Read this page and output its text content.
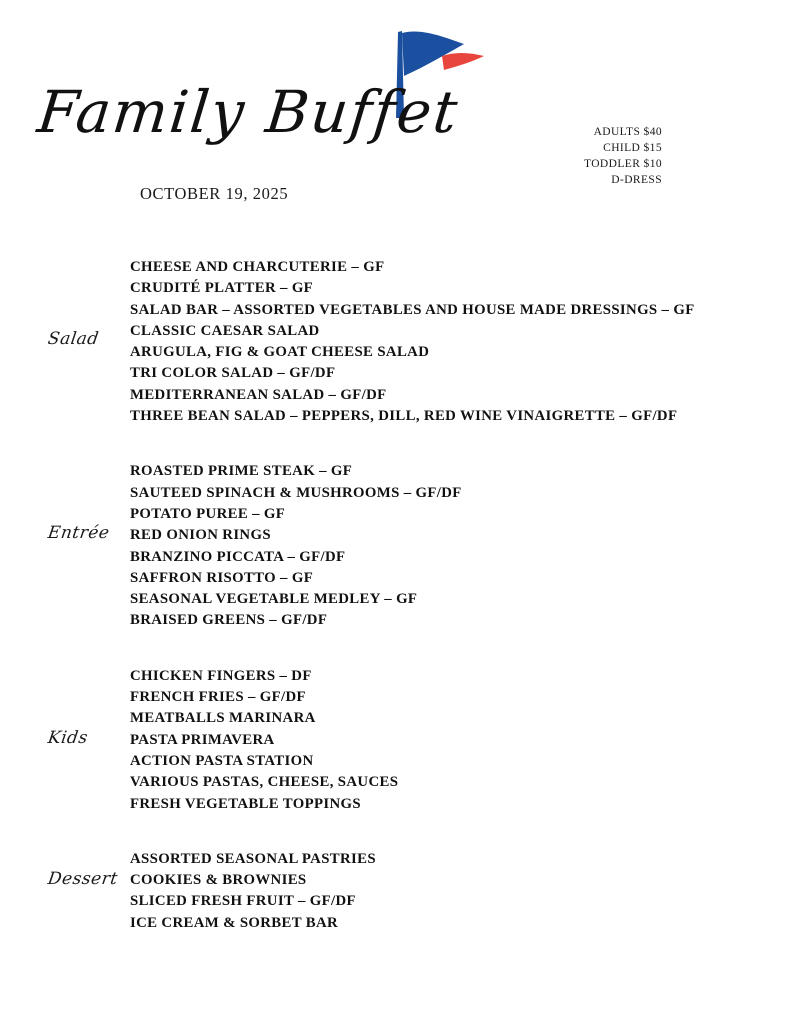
Family Buffet
OCTOBER 19, 2025
ADULTS $40
CHILD $15
TODDLER $10
D-DRESS
Salad
CHEESE AND CHARCUTERIE – GF
CRUDITÉ PLATTER – GF
SALAD BAR – ASSORTED VEGETABLES AND HOUSE MADE DRESSINGS – GF
CLASSIC CAESAR SALAD
ARUGULA, FIG & GOAT CHEESE SALAD
TRI COLOR SALAD – GF/DF
MEDITERRANEAN SALAD – GF/DF
THREE BEAN SALAD – PEPPERS, DILL, RED WINE VINAIGRETTE – GF/DF
Entrée
ROASTED PRIME STEAK – GF
SAUTEED SPINACH & MUSHROOMS – GF/DF
POTATO PUREE – GF
RED ONION RINGS
BRANZINO PICCATA – GF/DF
SAFFRON RISOTTO – GF
SEASONAL VEGETABLE MEDLEY – GF
BRAISED GREENS – GF/DF
Kids
CHICKEN FINGERS – DF
FRENCH FRIES – GF/DF
MEATBALLS MARINARA
PASTA PRIMAVERA
ACTION PASTA STATION
VARIOUS PASTAS, CHEESE, SAUCES
FRESH VEGETABLE TOPPINGS
Dessert
ASSORTED SEASONAL PASTRIES
COOKIES & BROWNIES
SLICED FRESH FRUIT – GF/DF
ICE CREAM & SORBET BAR
